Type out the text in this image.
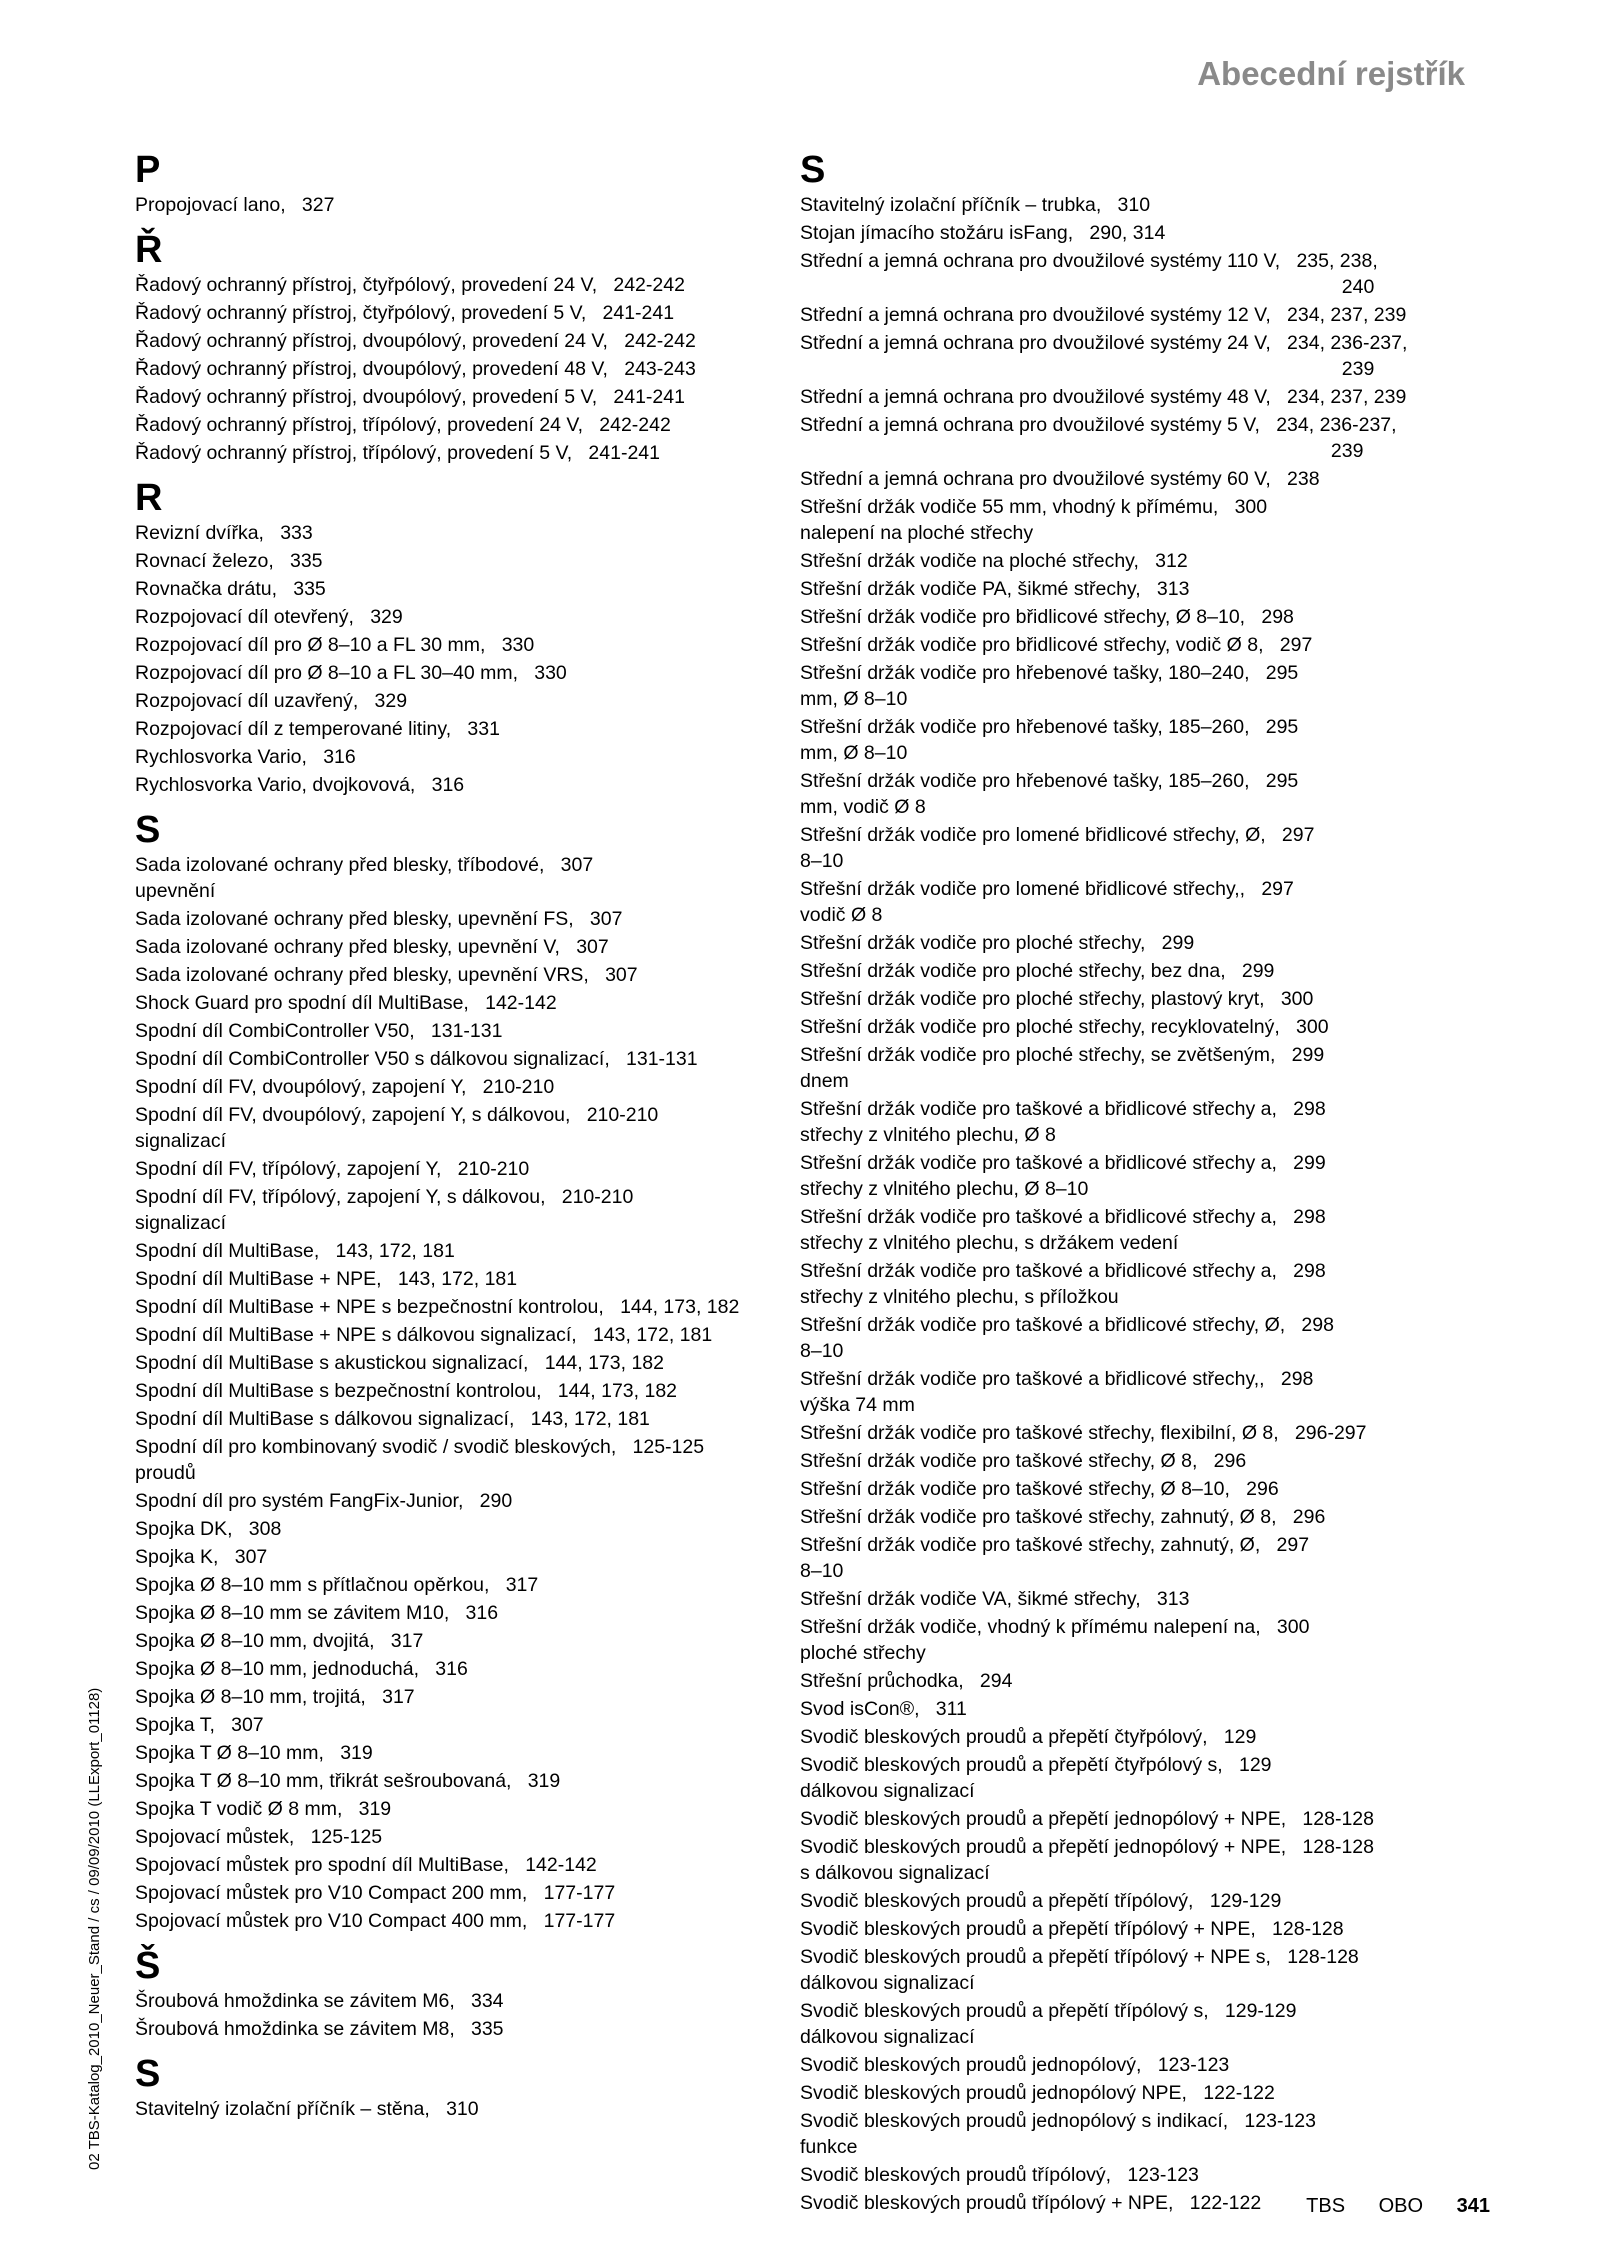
Abecední rejstřík
P
Propojovací lano,   327
Ř
Řadový ochranný přístroj, čtyřpólový, provedení 24 V,   242-242
Řadový ochranný přístroj, čtyřpólový, provedení 5 V,   241-241
Řadový ochranný přístroj, dvoupólový, provedení 24 V,   242-242
Řadový ochranný přístroj, dvoupólový, provedení 48 V,   243-243
Řadový ochranný přístroj, dvoupólový, provedení 5 V,   241-241
Řadový ochranný přístroj, třípólový, provedení 24 V,   242-242
Řadový ochranný přístroj, třípólový, provedení 5 V,   241-241
R
Revizní dvířka,   333
Rovnací železo,   335
Rovnačka drátu,   335
Rozpojovací díl otevřený,   329
Rozpojovací díl pro Ø 8–10 a FL 30 mm,   330
Rozpojovací díl pro Ø 8–10 a FL 30–40 mm,   330
Rozpojovací díl uzavřený,   329
Rozpojovací díl z temperované litiny,   331
Rychlosvorka Vario,   316
Rychlosvorka Vario, dvojkovová,   316
S
Sada izolované ochrany před blesky, tříbodové,   307
upevnění
Sada izolované ochrany před blesky, upevnění FS,   307
Sada izolované ochrany před blesky, upevnění V,   307
Sada izolované ochrany před blesky, upevnění VRS,   307
Shock Guard pro spodní díl MultiBase,   142-142
Spodní díl CombiController V50,   131-131
Spodní díl CombiController V50 s dálkovou signalizací,   131-131
Spodní díl FV, dvoupólový, zapojení Y,   210-210
Spodní díl FV, dvoupólový, zapojení Y, s dálkovou,   210-210
signalizací
Spodní díl FV, třípólový, zapojení Y,   210-210
Spodní díl FV, třípólový, zapojení Y, s dálkovou,   210-210
signalizací
Spodní díl MultiBase,   143, 172, 181
Spodní díl MultiBase + NPE,   143, 172, 181
Spodní díl MultiBase + NPE s bezpečnostní kontrolou,   144, 173, 182
Spodní díl MultiBase + NPE s dálkovou signalizací,   143, 172, 181
Spodní díl MultiBase s akustickou signalizací,   144, 173, 182
Spodní díl MultiBase s bezpečnostní kontrolou,   144, 173, 182
Spodní díl MultiBase s dálkovou signalizací,   143, 172, 181
Spodní díl pro kombinovaný svodič / svodič bleskových,   125-125
proudů
Spodní díl pro systém FangFix-Junior,   290
Spojka DK,   308
Spojka K,   307
Spojka Ø 8–10 mm s přítlačnou opěrkou,   317
Spojka Ø 8–10 mm se závitem M10,   316
Spojka Ø 8–10 mm, dvojitá,   317
Spojka Ø 8–10 mm, jednoduchá,   316
Spojka Ø 8–10 mm, trojitá,   317
Spojka T,   307
Spojka T Ø 8–10 mm,   319
Spojka T Ø 8–10 mm, třikrát sešroubovaná,   319
Spojka T vodič Ø 8 mm,   319
Spojovací můstek,   125-125
Spojovací můstek pro spodní díl MultiBase,   142-142
Spojovací můstek pro V10 Compact 200 mm,   177-177
Spojovací můstek pro V10 Compact 400 mm,   177-177
Š
Šroubová hmoždinka se závitem M6,   334
Šroubová hmoždinka se závitem M8,   335
S
Stavitelný izolační příčník – stěna,   310
S
Stavitelný izolační příčník – trubka,   310
Stojan jímacího stožáru isFang,   290, 314
Střední a jemná ochrana pro dvoužilové systémy 110 V,   235, 238,
240
Střední a jemná ochrana pro dvoužilové systémy 12 V,   234, 237, 239
Střední a jemná ochrana pro dvoužilové systémy 24 V,   234, 236-237,
239
Střední a jemná ochrana pro dvoužilové systémy 48 V,   234, 237, 239
Střední a jemná ochrana pro dvoužilové systémy 5 V,   234, 236-237,
239
Střední a jemná ochrana pro dvoužilové systémy 60 V,   238
Střešní držák vodiče 55 mm, vhodný k přímému,   300
nalepení na ploché střechy
Střešní držák vodiče na ploché střechy,   312
Střešní držák vodiče PA, šikmé střechy,   313
Střešní držák vodiče pro břidlicové střechy, Ø 8–10,   298
Střešní držák vodiče pro břidlicové střechy, vodič Ø 8,   297
Střešní držák vodiče pro hřebenové tašky, 180–240,   295
mm, Ø 8–10
Střešní držák vodiče pro hřebenové tašky, 185–260,   295
mm, Ø 8–10
Střešní držák vodiče pro hřebenové tašky, 185–260,   295
mm, vodič Ø 8
Střešní držák vodiče pro lomené břidlicové střechy, Ø,   297
8–10
Střešní držák vodiče pro lomené břidlicové střechy,,   297
vodič Ø 8
Střešní držák vodiče pro ploché střechy,   299
Střešní držák vodiče pro ploché střechy, bez dna,   299
Střešní držák vodiče pro ploché střechy, plastový kryt,   300
Střešní držák vodiče pro ploché střechy, recyklovatelný,   300
Střešní držák vodiče pro ploché střechy, se zvětšeným,   299
dnem
Střešní držák vodiče pro taškové a břidlicové střechy a,   298
střechy z vlnitého plechu, Ø 8
Střešní držák vodiče pro taškové a břidlicové střechy a,   299
střechy z vlnitého plechu, Ø 8–10
Střešní držák vodiče pro taškové a břidlicové střechy a,   298
střechy z vlnitého plechu, s držákem vedení
Střešní držák vodiče pro taškové a břidlicové střechy a,   298
střechy z vlnitého plechu, s příložkou
Střešní držák vodiče pro taškové a břidlicové střechy, Ø,   298
8–10
Střešní držák vodiče pro taškové a břidlicové střechy,,   298
výška 74 mm
Střešní držák vodiče pro taškové střechy, flexibilní, Ø 8,   296-297
Střešní držák vodiče pro taškové střechy, Ø 8,   296
Střešní držák vodiče pro taškové střechy, Ø 8–10,   296
Střešní držák vodiče pro taškové střechy, zahnutý, Ø 8,   296
Střešní držák vodiče pro taškové střechy, zahnutý, Ø,   297
8–10
Střešní držák vodiče VA, šikmé střechy,   313
Střešní držák vodiče, vhodný k přímému nalepení na,   300
ploché střechy
Střešní průchodka,   294
Svod isCon®,   311
Svodič bleskových proudů a přepětí čtyřpólový,   129
Svodič bleskových proudů a přepětí čtyřpólový s,   129
dálkovou signalizací
Svodič bleskových proudů a přepětí jednopólový + NPE,   128-128
Svodič bleskových proudů a přepětí jednopólový + NPE,   128-128
s dálkovou signalizací
Svodič bleskových proudů a přepětí třípólový,   129-129
Svodič bleskových proudů a přepětí třípólový + NPE,   128-128
Svodič bleskových proudů a přepětí třípólový + NPE s,   128-128
dálkovou signalizací
Svodič bleskových proudů a přepětí třípólový s,   129-129
dálkovou signalizací
Svodič bleskových proudů jednopólový,   123-123
Svodič bleskových proudů jednopólový NPE,   122-122
Svodič bleskových proudů jednopólový s indikací,   123-123
funkce
Svodič bleskových proudů třípólový,   123-123
Svodič bleskových proudů třípólový + NPE,   122-122
02 TBS-Katalog_2010_Neuer_Stand / cs / 09/09/2010 (LLExport_01128)
TBS OBO 341
